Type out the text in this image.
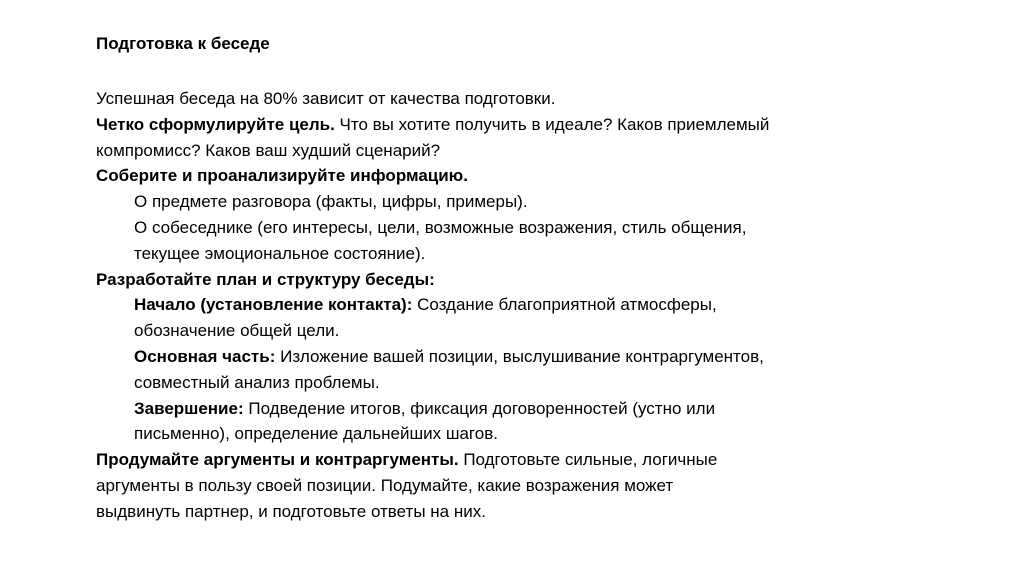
Подготовка к беседе
Успешная беседа на 80% зависит от качества подготовки.
Четко сформулируйте цель. Что вы хотите получить в идеале? Каков приемлемый
компромисс? Каков ваш худший сценарий?
Соберите и проанализируйте информацию.
О предмете разговора (факты, цифры, примеры).
О собеседнике (его интересы, цели, возможные возражения, стиль общения,
текущее эмоциональное состояние).
Разработайте план и структуру беседы:
Начало (установление контакта): Создание благоприятной атмосферы,
обозначение общей цели.
Основная часть: Изложение вашей позиции, выслушивание контраргументов,
совместный анализ проблемы.
Завершение: Подведение итогов, фиксация договоренностей (устно или
письменно), определение дальнейших шагов.
Продумайте аргументы и контраргументы. Подготовьте сильные, логичные
аргументы в пользу своей позиции. Подумайте, какие возражения может
выдвинуть партнер, и подготовьте ответы на них.
